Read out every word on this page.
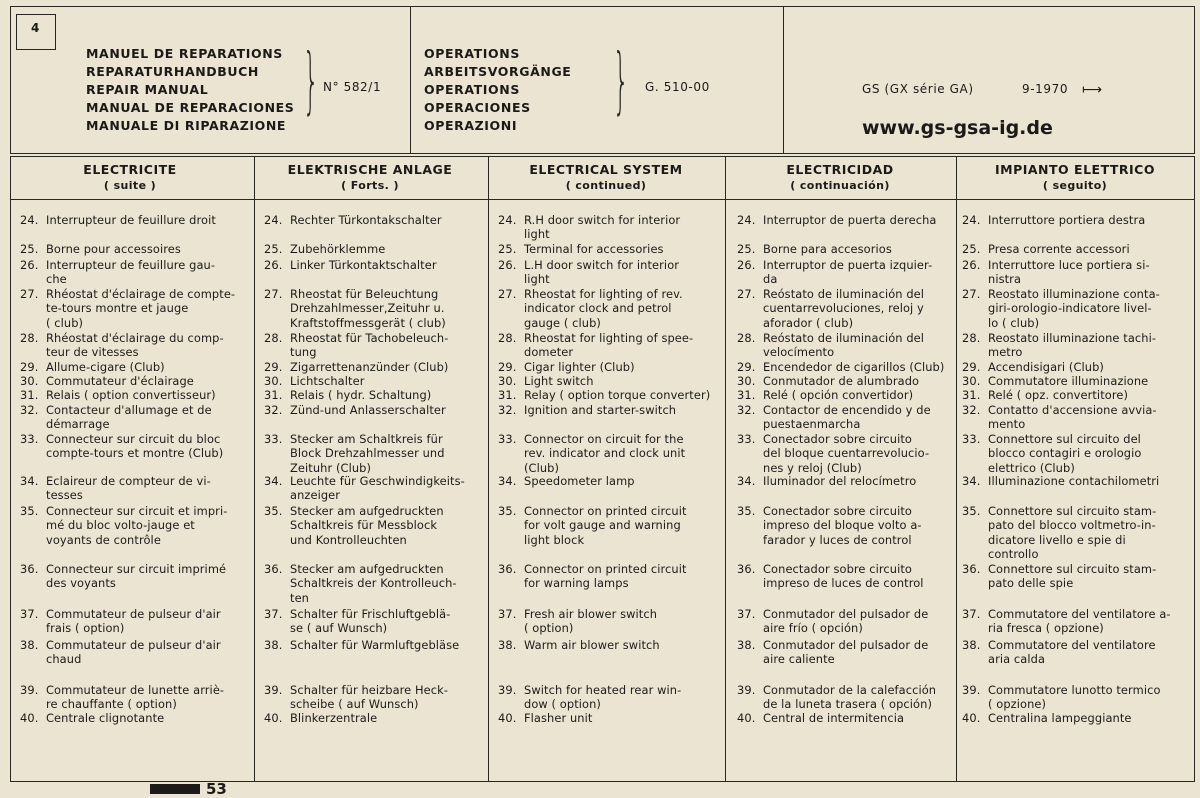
4
MANUEL DE REPARATIONS
REPARATURHANDBUCH
REPAIR MANUAL
MANUAL DE REPARACIONES
MANUALE DI RIPARAZIONE
} N° 582/1
OPERATIONS
ARBEITSVORGÄNGE
OPERATIONS
OPERACIONES
OPERAZIONI
} G. 510-00	GS (GX série GA)	9-1970 ⟼
www.gs-gsa-ig.de
ELECTRICITE
( suite )
24. Interrupteur de feuillure droit
25. Borne pour accessoires
26. Interrupteur de feuillure gau-
che
27. Rhéostat d'éclairage de compte-
te-tours montre et jauge
( club)
28. Rhéostat d'éclairage du comp-
teur de vitesses
29. Allume-cigare (Club)
30. Commutateur d'éclairage
31. Relais ( option convertisseur)
32. Contacteur d'allumage et de
démarrage
33. Connecteur sur circuit du bloc
compte-tours et montre (Club)
34. Eclaireur de compteur de vi-
tesses
35. Connecteur sur circuit et impri-
mé du bloc volto-jauge et
voyants de contrôle
36. Connecteur sur circuit imprimé
des voyants
37. Commutateur de pulseur d'air
frais ( option)
38. Commutateur de pulseur d'air
chaud
39. Commutateur de lunette arriè-
re chauffante ( option)
40. Centrale clignotante
ELEKTRISCHE ANLAGE
( Forts. )
24. Rechter Türkontakschalter
25. Zubehörklemme
26. Linker Türkontaktschalter
27. Rheostat für Beleuchtung
Drehzahlmesser,Zeituhr u.
Kraftstoffmessgerät ( club)
28. Rheostat für Tachobeleuch-
tung
29. Zigarrettenanzünder (Club)
30. Lichtschalter
31. Relais ( hydr. Schaltung)
32. Zünd-und Anlasserschalter
33. Stecker am Schaltkreis für
Block Drehzahlmesser und
Zeituhr (Club)
34. Leuchte für Geschwindigkeits-
anzeiger
35. Stecker am aufgedruckten
Schaltkreis für Messblock
und Kontrolleuchten
36. Stecker am aufgedruckten
Schaltkreis der Kontrolleuch-
ten
37. Schalter für Frischluftgeblä-
se ( auf Wunsch)
38. Schalter für Warmluftgebläse
39. Schalter für heizbare Heck-
scheibe ( auf Wunsch)
40. Blinkerzentrale
ELECTRICAL SYSTEM
( continued)
24. R.H door switch for interior
light
25. Terminal for accessories
26. L.H door switch for interior
light
27. Rheostat for lighting of rev.
indicator clock and petrol
gauge ( club)
28. Rheostat for lighting of spee-
dometer
29. Cigar lighter (Club)
30. Light switch
31. Relay ( option torque converter)
32. Ignition and starter-switch
33. Connector on circuit for the
rev. indicator and clock unit
(Club)
34. Speedometer lamp
35. Connector on printed circuit
for volt gauge and warning
light block
36. Connector on printed circuit
for warning lamps
37. Fresh air blower switch
( option)
38. Warm air blower switch
39. Switch for heated rear win-
dow ( option)
40. Flasher unit
ELECTRICIDAD
( continuación)
24. Interruptor de puerta derecha
25. Borne para accesorios
26. Interruptor de puerta izquier-
da
27. Reóstato de iluminación del
cuentarrevoluciones, reloj y
aforador ( club)
28. Reóstato de iluminación del
velocímento
29. Encendedor de cigarillos (Club)
30. Conmutador de alumbrado
31. Relé ( opción convertidor)
32. Contactor de encendido y de
puestaenmarcha
33. Conectador sobre circuito
del bloque cuentarrevolucio-
nes y reloj (Club)
34. Iluminador del relocímetro
35. Conectador sobre circuito
impreso del bloque volto a-
farador y luces de control
36. Conectador sobre circuito
impreso de luces de control
37. Conmutador del pulsador de
aire frío ( opción)
38. Conmutador del pulsador de
aire caliente
39. Conmutador de la calefacción
de la luneta trasera ( opción)
40. Central de intermitencia
IMPIANTO ELETTRICO
( seguito)
24. Interruttore portiera destra
25. Presa corrente accessori
26. Interruttore luce portiera si-
nistra
27. Reostato illuminazione conta-
giri-orologio-indicatore livel-
lo ( club)
28. Reostato illuminazione tachi-
metro
29. Accendisigari (Club)
30. Commutatore illuminazione
31. Relé ( opz. convertitore)
32. Contatto d'accensione avvia-
mento
33. Connettore sul circuito del
blocco contagiri e orologio
elettrico (Club)
34. Illuminazione contachilometri
35. Connettore sul circuito stam-
pato del blocco voltmetro-in-
dicatore livello e spie di
controllo
36. Connettore sul circuito stam-
pato delle spie
37. Commutatore del ventilatore a-
ria fresca ( opzione)
38. Commutatore del ventilatore
aria calda
39. Commutatore lunotto termico
( opzione)
40. Centralina lampeggiante
53
